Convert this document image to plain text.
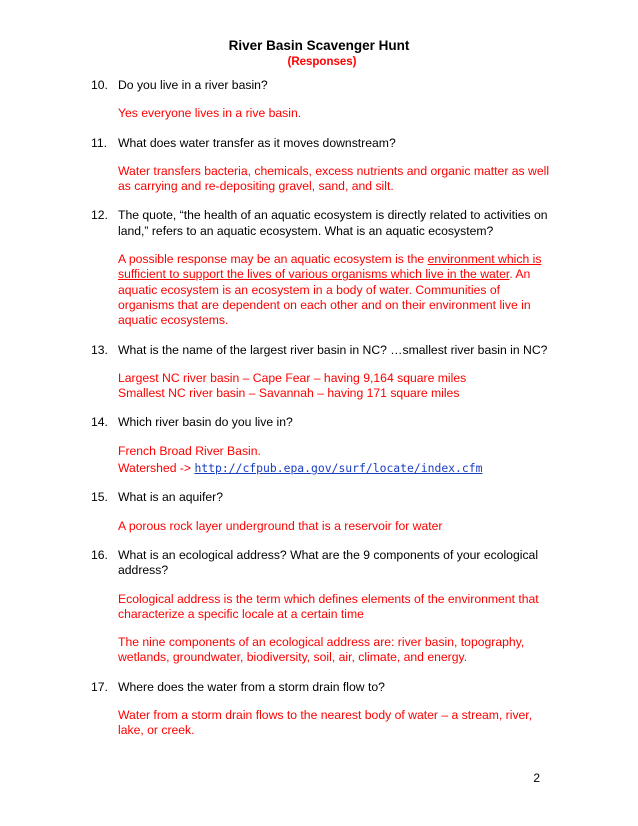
River Basin Scavenger Hunt
(Responses)
10. Do you live in a river basin?

Yes everyone lives in a rive basin.

11. What does water transfer as it moves downstream?

Water transfers bacteria, chemicals, excess nutrients and organic matter as well as carrying and re-depositing gravel, sand, and silt.

12. The quote, “the health of an aquatic ecosystem is directly related to activities on land,” refers to an aquatic ecosystem. What is an aquatic ecosystem?

A possible response may be an aquatic ecosystem is the environment which is sufficient to support the lives of various organisms which live in the water. An aquatic ecosystem is an ecosystem in a body of water. Communities of organisms that are dependent on each other and on their environment live in aquatic ecosystems.

13. What is the name of the largest river basin in NC? …smallest river basin in NC?

Largest NC river basin – Cape Fear – having 9,164 square miles

Smallest NC river basin – Savannah – having 171 square miles

14. Which river basin do you live in?

French Broad River Basin.

Watershed -> http://cfpub.epa.gov/surf/locate/index.cfm

15. What is an aquifer?

A porous rock layer underground that is a reservoir for water

16. What is an ecological address? What are the 9 components of your ecological address?

Ecological address is the term which defines elements of the environment that characterize a specific locale at a certain time

The nine components of an ecological address are: river basin, topography, wetlands, groundwater, biodiversity, soil, air, climate, and energy.

17. Where does the water from a storm drain flow to?

Water from a storm drain flows to the nearest body of water – a stream, river, lake, or creek.

2
